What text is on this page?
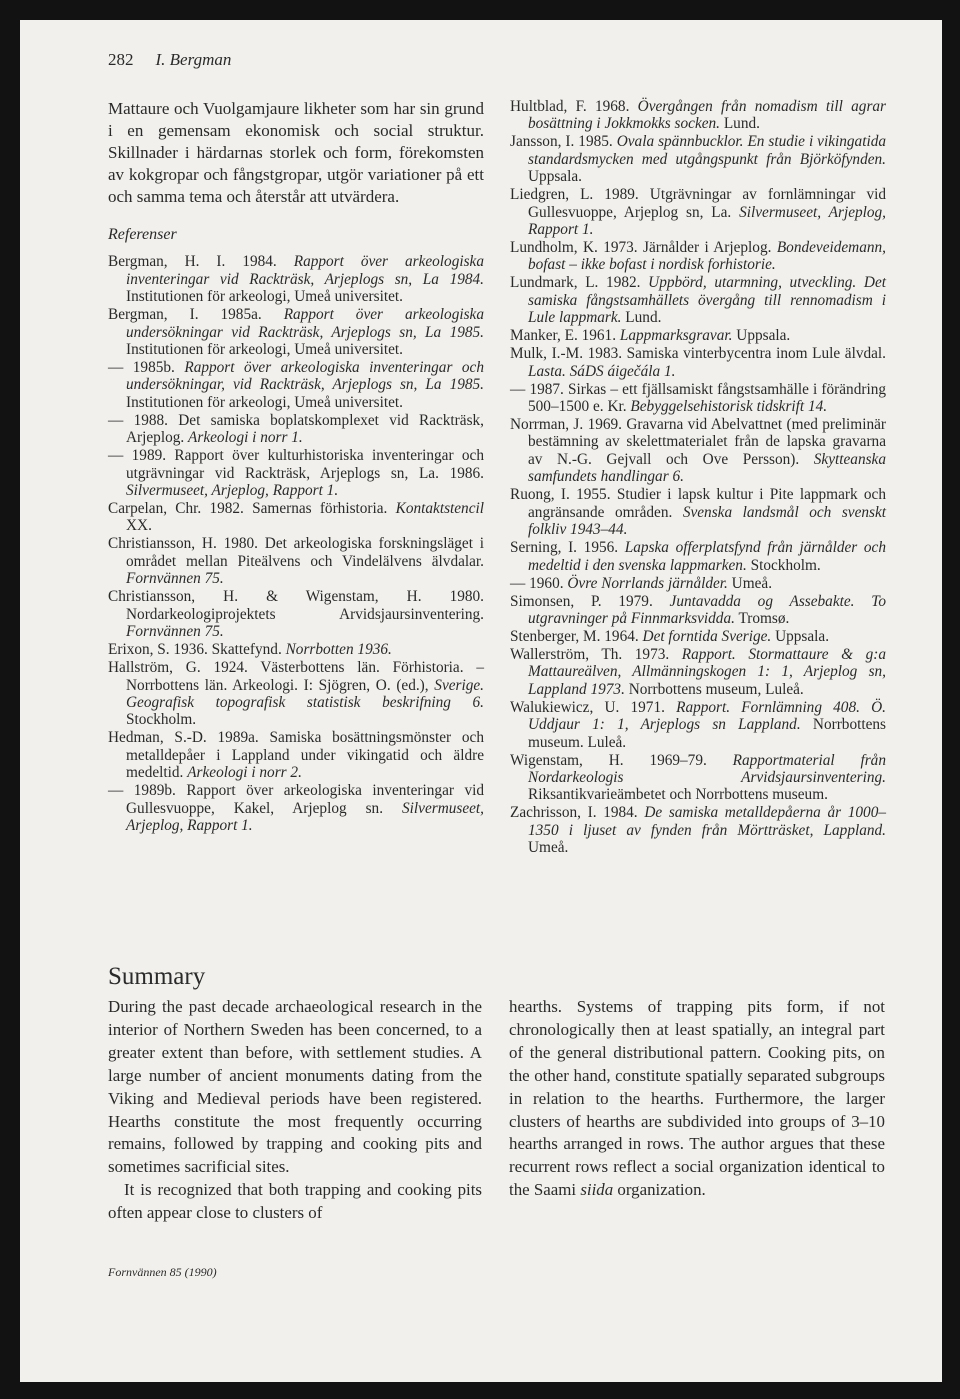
282 I. Bergman

Mattaure och Vuolgamjaure likheter som har sin grund i en gemensam ekonomisk och social struktur. Skillnader i härdarnas storlek och form, förekomsten av kokgropar och fångstgropar, utgör variationer på ett och samma tema och återstår att utvärdera.

Referenser

Bergman, H. I. 1984. Rapport över arkeologiska inventeringar vid Rackträsk, Arjeplogs sn, La 1984. Institutionen för arkeologi, Umeå universitet.

Bergman, I. 1985a. Rapport över arkeologiska undersökningar vid Rackträsk, Arjeplogs sn, La 1985. Institutionen för arkeologi, Umeå universitet.

— 1985b. Rapport över arkeologiska inventeringar och undersökningar, vid Rackträsk, Arjeplogs sn, La 1985. Institutionen för arkeologi, Umeå universitet.

— 1988. Det samiska boplatskomplexet vid Rackträsk, Arjeplog. Arkeologi i norr 1.

— 1989. Rapport över kulturhistoriska inventeringar och utgrävningar vid Rackträsk, Arjeplogs sn, La. 1986. Silvermuseet, Arjeplog, Rapport 1.

Carpelan, Chr. 1982. Samernas förhistoria. Kontaktstencil XX.

Christiansson, H. 1980. Det arkeologiska forskningsläget i området mellan Piteälvens och Vindelälvens älvdalar. Fornvännen 75.

Christiansson, H. & Wigenstam, H. 1980. Nordarkeologiprojektets Arvidsjaursinventering. Fornvännen 75.

Erixon, S. 1936. Skattefynd. Norrbotten 1936.

Hallström, G. 1924. Västerbottens län. Förhistoria. – Norrbottens län. Arkeologi. I: Sjögren, O. (ed.), Sverige. Geografisk topografisk statistisk beskrifning 6. Stockholm.

Hedman, S.-D. 1989a. Samiska bosättningsmönster och metalldepåer i Lappland under vikingatid och äldre medeltid. Arkeologi i norr 2.

— 1989b. Rapport över arkeologiska inventeringar vid Gullesvuoppe, Kakel, Arjeplog sn. Silvermuseet, Arjeplog, Rapport 1.

Hultblad, F. 1968. Övergången från nomadism till agrar bosättning i Jokkmokks socken. Lund.

Jansson, I. 1985. Ovala spännbucklor. En studie i vikingatida standardsmycken med utgångspunkt från Björköfynden. Uppsala.

Liedgren, L. 1989. Utgrävningar av fornlämningar vid Gullesvuoppe, Arjeplog sn, La. Silvermuseet, Arjeplog, Rapport 1.

Lundholm, K. 1973. Järnålder i Arjeplog. Bondeveidemann, bofast – ikke bofast i nordisk forhistorie.

Lundmark, L. 1982. Uppbörd, utarmning, utveckling. Det samiska fångstsamhällets övergång till rennomadism i Lule lappmark. Lund.

Manker, E. 1961. Lappmarksgravar. Uppsala.

Mulk, I.-M. 1983. Samiska vinterbycentra inom Lule älvdal. Lasta. SáDS áigečála 1.

— 1987. Sirkas – ett fjällsamiskt fångstsamhälle i förändring 500–1500 e. Kr. Bebyggelsehistorisk tidskrift 14.

Norrman, J. 1969. Gravarna vid Abelvattnet (med preliminär bestämning av skelettmaterialet från de lapska gravarna av N.-G. Gejvall och Ove Persson). Skytteanska samfundets handlingar 6.

Ruong, I. 1955. Studier i lapsk kultur i Pite lappmark och angränsande områden. Svenska landsmål och svenskt folkliv 1943–44.

Serning, I. 1956. Lapska offerplatsfynd från järnålder och medeltid i den svenska lappmarken. Stockholm.

— 1960. Övre Norrlands järnålder. Umeå.

Simonsen, P. 1979. Juntavadda og Assebakte. To utgravninger på Finnmarksvidda. Tromsø.

Stenberger, M. 1964. Det forntida Sverige. Uppsala.

Wallerström, Th. 1973. Rapport. Stormattaure & g:a Mattaureälven, Allmänningskogen 1: 1, Arjeplog sn, Lappland 1973. Norrbottens museum, Luleå.

Walukiewicz, U. 1971. Rapport. Fornlämning 408. Ö. Uddjaur 1: 1, Arjeplogs sn Lappland. Norrbottens museum. Luleå.

Wigenstam, H. 1969–79. Rapportmaterial från Nordarkeologis Arvidsjaursinventering. Riksantikvarieämbetet och Norrbottens museum.

Zachrisson, I. 1984. De samiska metalldepåerna år 1000–1350 i ljuset av fynden från Mörtträsket, Lappland. Umeå.

Summary

During the past decade archaeological research in the interior of Northern Sweden has been concerned, to a greater extent than before, with settlement studies. A large number of ancient monuments dating from the Viking and Medieval periods have been registered. Hearths constitute the most frequently occurring remains, followed by trapping and cooking pits and sometimes sacrificial sites.

It is recognized that both trapping and cooking pits often appear close to clusters of

hearths. Systems of trapping pits form, if not chronologically then at least spatially, an integral part of the general distributional pattern. Cooking pits, on the other hand, constitute spatially separated subgroups in relation to the hearths. Furthermore, the larger clusters of hearths are subdivided into groups of 3–10 hearths arranged in rows. The author argues that these recurrent rows reflect a social organization identical to the Saami siida organization.

Fornvännen 85 (1990)
